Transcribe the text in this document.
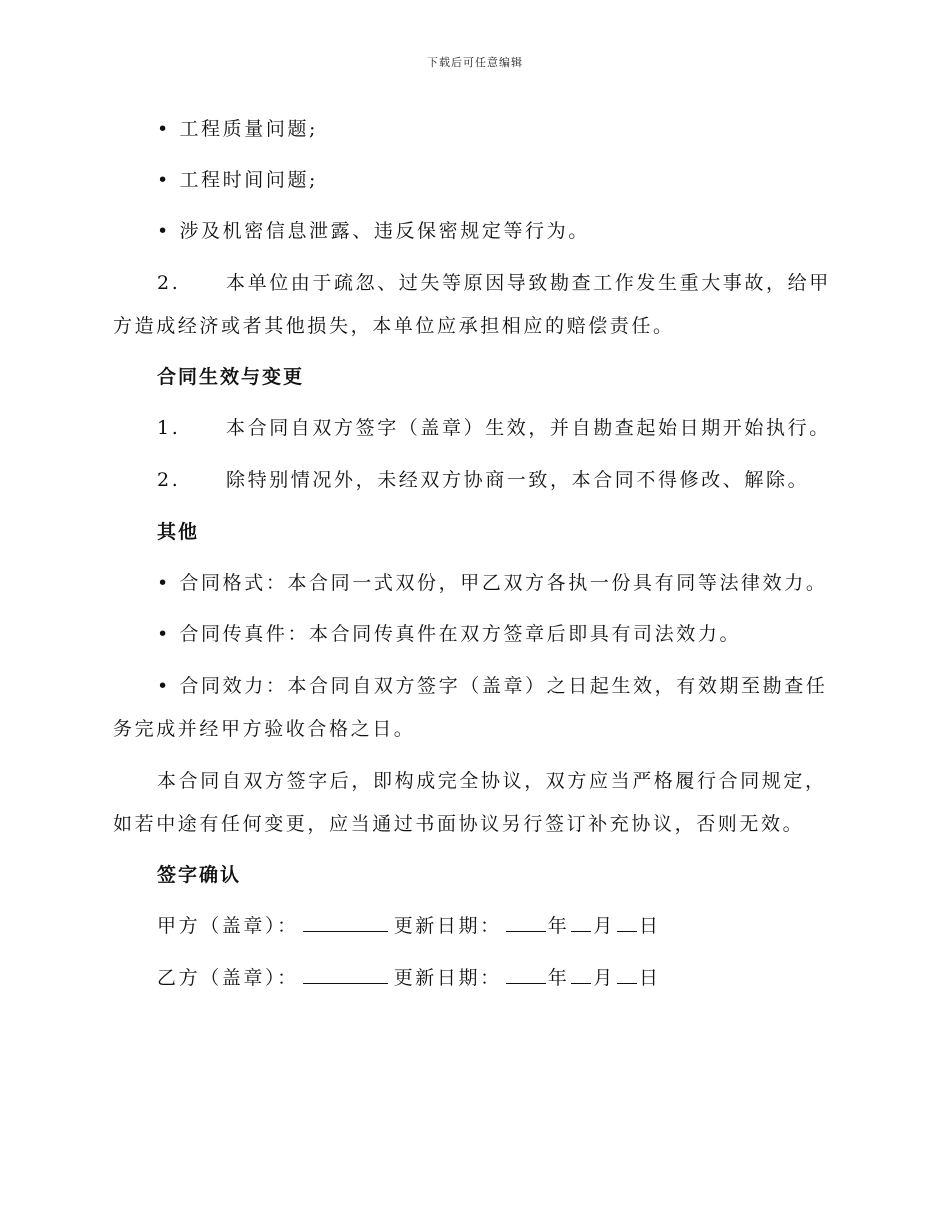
下载后可任意编辑
• 工程质量问题;
• 工程时间问题;
• 涉及机密信息泄露、违反保密规定等行为。
2. 本单位由于疏忽、过失等原因导致勘查工作发生重大事故，给甲
方造成经济或者其他损失，本单位应承担相应的赔偿责任。
合同生效与变更
1. 本合同自双方签字（盖章）生效，并自勘查起始日期开始执行。
2. 除特别情况外，未经双方协商一致，本合同不得修改、解除。
其他
• 合同格式：本合同一式双份，甲乙双方各执一份具有同等法律效力。
• 合同传真件：本合同传真件在双方签章后即具有司法效力。
• 合同效力：本合同自双方签字（盖章）之日起生效，有效期至勘查任
务完成并经甲方验收合格之日。
本合同自双方签字后，即构成完全协议，双方应当严格履行合同规定，
如若中途有任何变更，应当通过书面协议另行签订补充协议，否则无效。
签字确认
甲方（盖章）：	更新日期： 年 月 日
乙方（盖章）：	更新日期： 年 月 日
